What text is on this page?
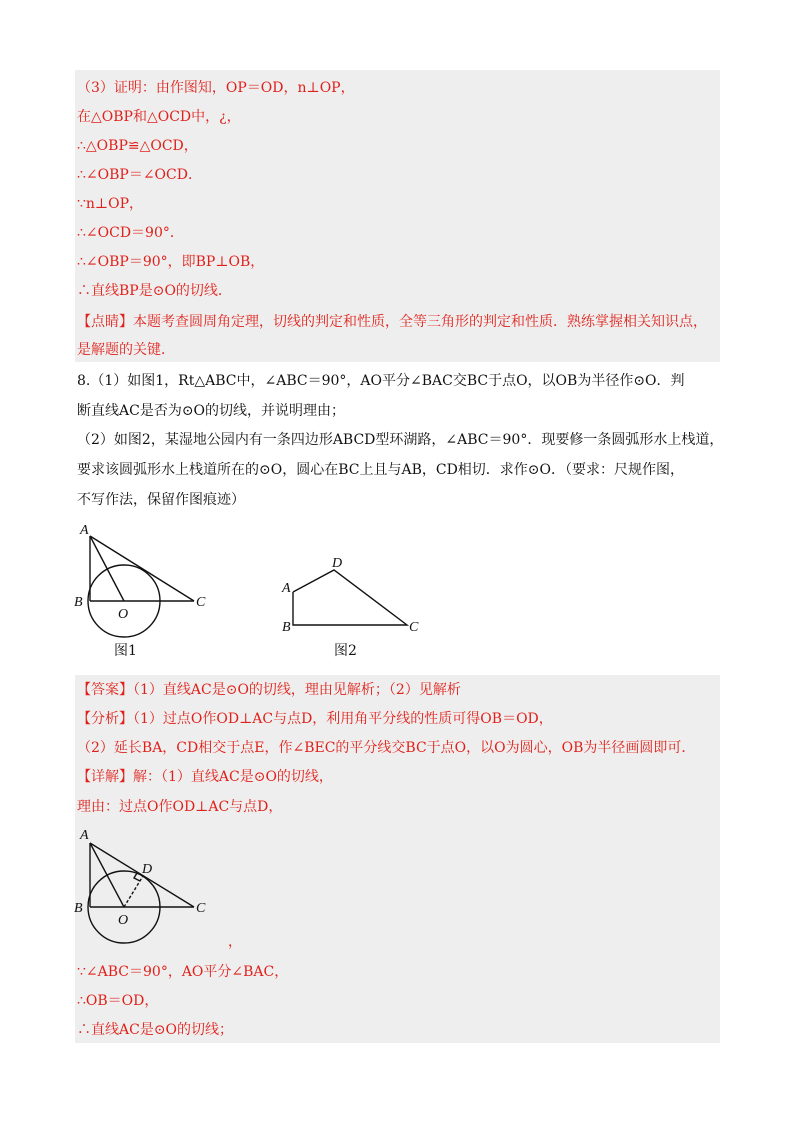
（3）证明：由作图知，OP＝OD，n⊥OP，
在△OBP和△OCD中，¿，
∴△OBP≌△OCD，
∴∠OBP＝∠OCD．
∵n⊥OP，
∴∠OCD＝90°．
∴∠OBP＝90°，即BP⊥OB，
∴直线BP是⊙O的切线．
【点睛】本题考查圆周角定理，切线的判定和性质，全等三角形的判定和性质．熟练掌握相关知识点，
是解题的关键．
8.（1）如图1，Rt△ABC中，∠ABC＝90°，AO平分∠BAC交BC于点O，以OB为半径作⊙O．判
断直线AC是否为⊙O的切线，并说明理由；
（2）如图2，某湿地公园内有一条四边形ABCD型环湖路，∠ABC＝90°．现要修一条圆弧形水上栈道，
要求该圆弧形水上栈道所在的⊙O，圆心在BC上且与AB，CD相切．求作⊙O．（要求：尺规作图，
不写作法，保留作图痕迹）
A
B
O
C
图1
A
B	C
D
图2
【答案】（1）直线AC是⊙O的切线，理由见解析；（2）见解析
【分析】（1）过点O作OD⊥AC与点D，利用角平分线的性质可得OB＝OD，
（2）延长BA，CD相交于点E，作∠BEC的平分线交BC于点O，以O为圆心，OB为半径画圆即可．
【详解】解：（1）直线AC是⊙O的切线，
理由：过点O作OD⊥AC与点D，
，
∵∠ABC＝90°，AO平分∠BAC，
∴OB＝OD，
∴直线AC是⊙O的切线；
A
B
O
C
D
